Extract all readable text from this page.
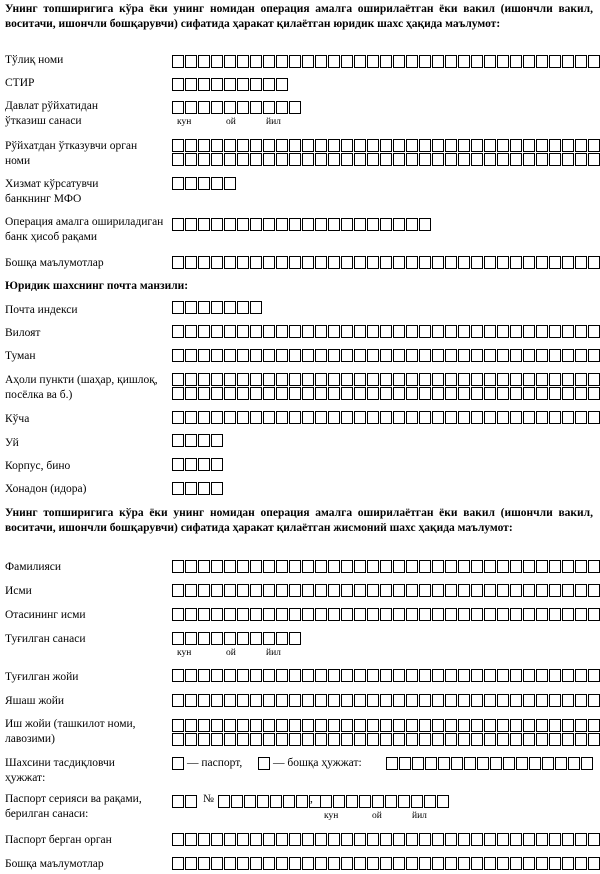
Унинг топширигига кўра ёки унинг номидан операция амалга оширилаётган ёки вакил (ишончли вакил, воситачи, ишончли бошқарувчи) сифатида ҳаракат қилаётган юридик шахс ҳақида маълумот:
Тўлиқ номи
СТИР
Давлат рўйхатидан
ўтказиш санаси	кун	ой	йил
Рўйхатдан ўтказувчи орган
номи
Хизмат кўрсатувчи
банкнинг МФО
Операция амалга ошириладиган
банк ҳисоб рақами
Бошқа маълумотлар
Юридик шахснинг почта манзили:
Почта индекси
Вилоят
Туман
Аҳоли пункти (шаҳар, қишлоқ,
посёлка ва б.)
Кўча
Уй
Корпус, бино
Хонадон (идора)
Унинг топширигига кўра ёки унинг номидан операция амалга оширилаётган ёки вакил (ишончли вакил, воситачи, ишончли бошқарувчи) сифатида ҳаракат қилаётган жисмоний шахс ҳақида маълумот:
Фамилияси
Исми
Отасининг исми
Туғилган санаси
кун	ой	йил
Туғилган жойи
Яшаш жойи
Иш жойи (ташкилот номи,
лавозими)
Шахсини тасдиқловчи
ҳужжат:
— паспорт,	— бошқа ҳужжат:
Паспорт серияси ва рақами,
берилган санаси:
№	,
кун	ой	йил
Паспорт берган орган
Бошқа маълумотлар
